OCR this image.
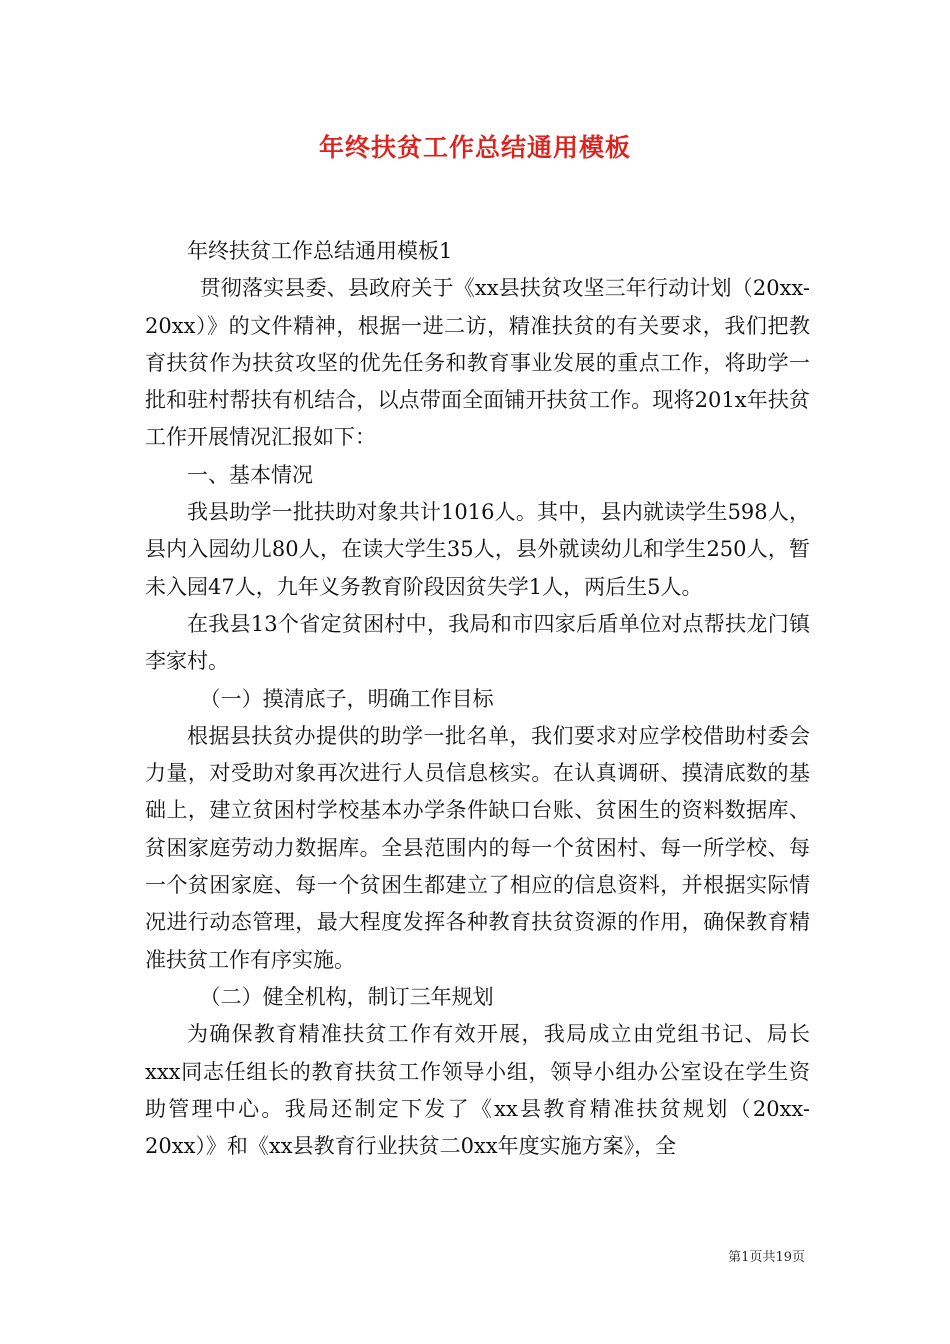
年终扶贫工作总结通用模板

年终扶贫工作总结通用模板1

贯彻落实县委、县政府关于《xx县扶贫攻坚三年行动计划（20xx-20xx）》的文件精神，根据一进二访，精准扶贫的有关要求，我们把教育扶贫作为扶贫攻坚的优先任务和教育事业发展的重点工作，将助学一批和驻村帮扶有机结合，以点带面全面铺开扶贫工作。现将201x年扶贫工作开展情况汇报如下：

一、基本情况

我县助学一批扶助对象共计1016人。其中，县内就读学生598人，县内入园幼儿80人，在读大学生35人，县外就读幼儿和学生250人，暂未入园47人，九年义务教育阶段因贫失学1人，两后生5人。

在我县13个省定贫困村中，我局和市四家后盾单位对点帮扶龙门镇李家村。

（一）摸清底子，明确工作目标

根据县扶贫办提供的助学一批名单，我们要求对应学校借助村委会力量，对受助对象再次进行人员信息核实。在认真调研、摸清底数的基础上，建立贫困村学校基本办学条件缺口台账、贫困生的资料数据库、贫困家庭劳动力数据库。全县范围内的每一个贫困村、每一所学校、每一个贫困家庭、每一个贫困生都建立了相应的信息资料，并根据实际情况进行动态管理，最大程度发挥各种教育扶贫资源的作用，确保教育精准扶贫工作有序实施。

（二）健全机构，制订三年规划

为确保教育精准扶贫工作有效开展，我局成立由党组书记、局长xxx同志任组长的教育扶贫工作领导小组，领导小组办公室设在学生资助管理中心。我局还制定下发了《xx县教育精准扶贫规划（20xx-20xx）》和《xx县教育行业扶贫二0xx年度实施方案》，全

第1页共19页
